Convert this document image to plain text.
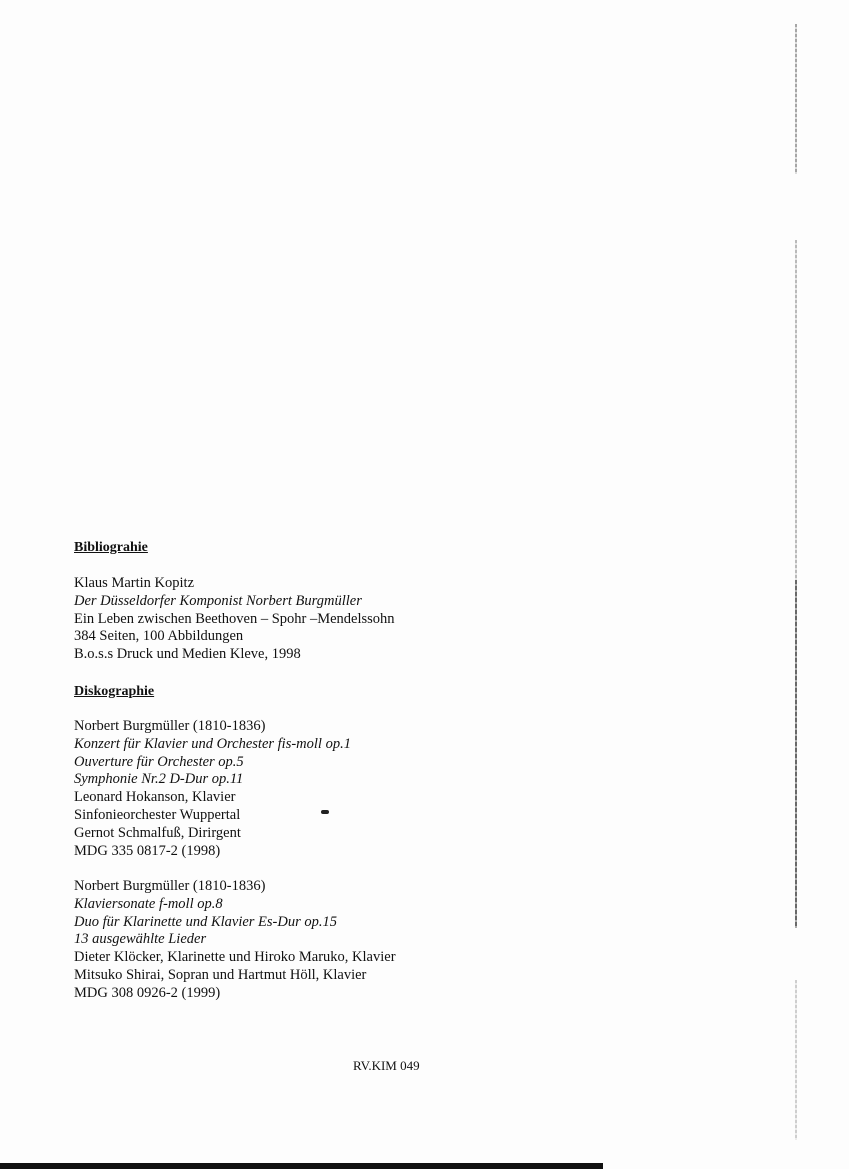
Bibliograhie
Klaus Martin Kopitz
Der Düsseldorfer Komponist Norbert Burgmüller
Ein Leben zwischen Beethoven – Spohr –Mendelssohn
384 Seiten, 100 Abbildungen
B.o.s.s Druck und Medien Kleve, 1998
Diskographie
Norbert Burgmüller (1810-1836)
Konzert für Klavier und Orchester fis-moll op.1
Ouverture für Orchester op.5
Symphonie Nr.2 D-Dur op.11
Leonard Hokanson, Klavier
Sinfonieorchester Wuppertal
Gernot Schmalfuß, Dirirgent
MDG 335 0817-2 (1998)
Norbert Burgmüller (1810-1836)
Klaviersonate f-moll op.8
Duo für Klarinette und Klavier Es-Dur op.15
13 ausgewählte Lieder
Dieter Klöcker, Klarinette und Hiroko Maruko, Klavier
Mitsuko Shirai, Sopran und Hartmut Höll, Klavier
MDG 308 0926-2 (1999)
RV.KIM 049
